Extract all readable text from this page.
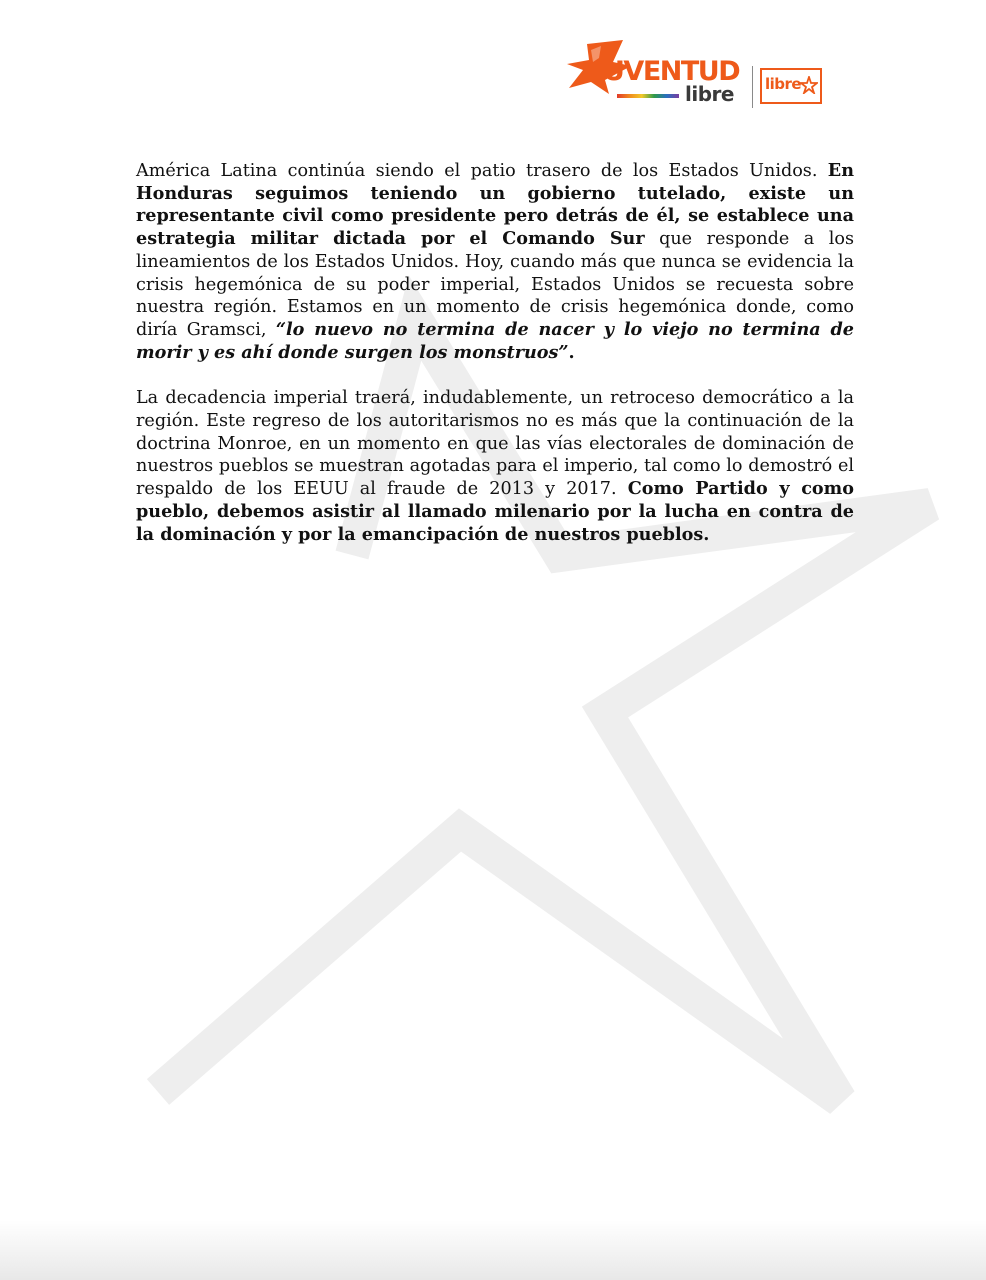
UVENTUD
libre libre

América Latina continúa siendo el patio trasero de los Estados Unidos. En Honduras seguimos teniendo un gobierno tutelado, existe un representante civil como presidente pero detrás de él, se establece una estrategia militar dictada por el Comando Sur que responde a los lineamientos de los Estados Unidos. Hoy, cuando más que nunca se evidencia la crisis hegemónica de su poder imperial, Estados Unidos se recuesta sobre nuestra región. Estamos en un momento de crisis hegemónica donde, como diría Gramsci, “lo nuevo no termina de nacer y lo viejo no termina de morir y es ahí donde surgen los monstruos”.

La decadencia imperial traerá, indudablemente, un retroceso democrático a la región. Este regreso de los autoritarismos no es más que la continuación de la doctrina Monroe, en un momento en que las vías electorales de dominación de nuestros pueblos se muestran agotadas para el imperio, tal como lo demostró el respaldo de los EEUU al fraude de 2013 y 2017. Como Partido y como pueblo, debemos asistir al llamado milenario por la lucha en contra de la dominación y por la emancipación de nuestros pueblos.
